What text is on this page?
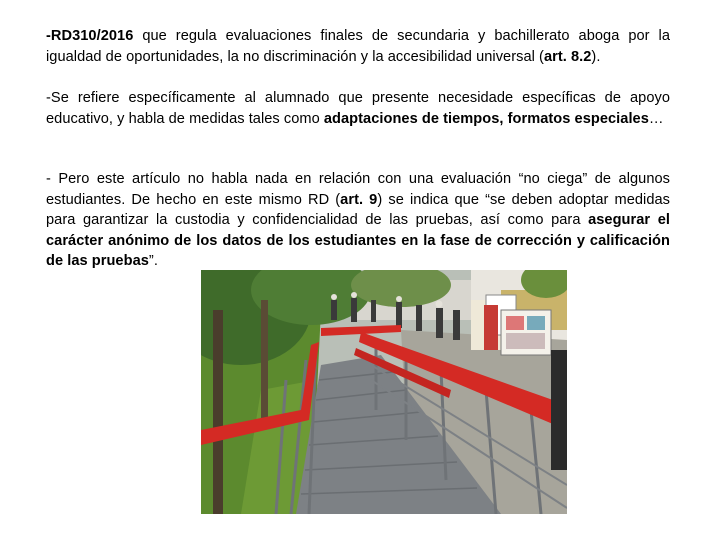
-RD310/2016 que regula evaluaciones finales de secundaria y bachillerato aboga por la igualdad de oportunidades, la no discriminación y la accesibilidad universal (art. 8.2).

-Se refiere específicamente al alumnado que presente necesidade específicas de apoyo educativo, y habla de medidas tales como adaptaciones de tiempos, formatos especiales…

- Pero este artículo no habla nada en relación con una evaluación “no ciega” de algunos estudiantes. De hecho en este mismo RD (art. 9) se indica que “se deben adoptar medidas para garantizar la custodia y confidencialidad de las pruebas, así como para asegurar el carácter anónimo de los datos de los estudiantes en la fase de corrección y calificación de las pruebas”.
